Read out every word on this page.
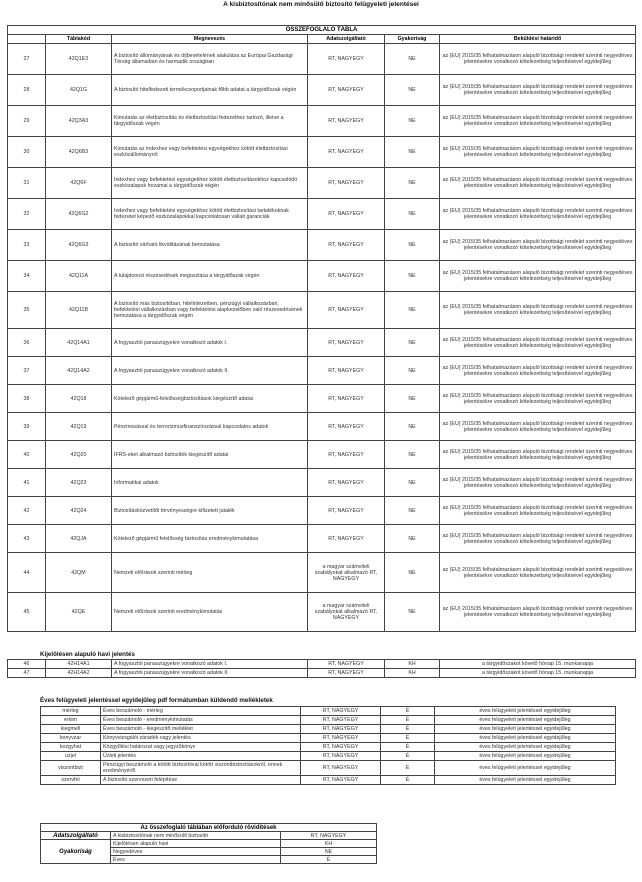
A kisbiztosítónak nem minősülő biztosító felügyeleti jelentései
ÖSSZEFOGLALÓ TÁBLA					
	Táblakód	Megnevezés	Adatszolgáltató	Gyakoriság	Beküldési határidő
27	42Q1E3	A biztosító állományának és díjbevételének alakulása az Európai Gazdasági Térség államaiban és harmadik országban	RT, NAGYEGY	NE	az (EU) 2015/35 felhatalmazáson alapuló bizottsági rendelet szerinti negyedéves jelentésekre vonatkozó kötelezettség teljesítésével egyidejűleg
28	42Q1G	A biztosító hitelfedezeti termékcsoportjainak főbb adatai a tárgyidőszak végén	RT, NAGYEGY	NE	az (EU) 2015/35 felhatalmazáson alapuló bizottsági rendelet szerinti negyedéves jelentésekre vonatkozó kötelezettség teljesítésével egyidejűleg
29	42Q3A3	Kimutatás az életbiztosítás és életbiztosítási fedezethez tartozó, illetve a tárgyidőszak végén	RT, NAGYEGY	NE	az (EU) 2015/35 felhatalmazáson alapuló bizottsági rendelet szerinti negyedéves jelentésekre vonatkozó kötelezettség teljesítésével egyidejűleg
30	42Q6B3	Kimutatás az indexhez vagy befektetési egységekhez kötött életbiztosítási eszközállományról	RT, NAGYEGY	NE	az (EU) 2015/35 felhatalmazáson alapuló bizottsági rendelet szerinti negyedéves jelentésekre vonatkozó kötelezettség teljesítésével egyidejűleg
31	42Q6F	Indexhez vagy befektetési egységekhez kötött életbiztosításokhoz kapcsolódó eszközalapok hozamai a tárgyidőszak végén	RT, NAGYEGY	NE	az (EU) 2015/35 felhatalmazáson alapuló bizottsági rendelet szerinti negyedéves jelentésekre vonatkozó kötelezettség teljesítésével egyidejűleg
32	42Q6G2	Indexhez vagy befektetési egységekhez kötött életbiztosítási tartalékoknak fedezetet képező eszközalapokkal kapcsolatosan vállalt garanciák	RT, NAGYEGY	NE	az (EU) 2015/35 felhatalmazáson alapuló bizottsági rendelet szerinti negyedéves jelentésekre vonatkozó kötelezettség teljesítésével egyidejűleg
33	42Q6G3	A biztosító várható likviditásának bemutatása	RT, NAGYEGY	NE	az (EU) 2015/35 felhatalmazáson alapuló bizottsági rendelet szerinti negyedéves jelentésekre vonatkozó kötelezettség teljesítésével egyidejűleg
34	42Q11A	A tulajdonosi részesedések megoszlása a tárgyidőszak végén	RT, NAGYEGY	NE	az (EU) 2015/35 felhatalmazáson alapuló bizottsági rendelet szerinti negyedéves jelentésekre vonatkozó kötelezettség teljesítésével egyidejűleg
35	42Q11B	A biztosító más biztosítóban, hitelintézetben, pénzügyi vállalkozásban, befektetési vállalkozásban vagy befektetési alapkezelőben való részesedésének bemutatása a tárgyidőszak végén	RT, NAGYEGY	NE	az (EU) 2015/35 felhatalmazáson alapuló bizottsági rendelet szerinti negyedéves jelentésekre vonatkozó kötelezettség teljesítésével egyidejűleg
36	42Q14A1	A fogyasztói panaszügyekre vonatkozó adatok I.	RT, NAGYEGY	NE	az (EU) 2015/35 felhatalmazáson alapuló bizottsági rendelet szerinti negyedéves jelentésekre vonatkozó kötelezettség teljesítésével egyidejűleg
37	42Q14A2	A fogyasztói panaszügyekre vonatkozó adatok II.	RT, NAGYEGY	NE	az (EU) 2015/35 felhatalmazáson alapuló bizottsági rendelet szerinti negyedéves jelentésekre vonatkozó kötelezettség teljesítésével egyidejűleg
38	42Q18	Kötelező gépjármű-felelősségbiztosítások kiegészítő adatai	RT, NAGYEGY	NE	az (EU) 2015/35 felhatalmazáson alapuló bizottsági rendelet szerinti negyedéves jelentésekre vonatkozó kötelezettség teljesítésével egyidejűleg
39	42Q19	Pénzmosással és terrorizmusfinanszírozással kapcsolatos adatok	RT, NAGYEGY	NE	az (EU) 2015/35 felhatalmazáson alapuló bizottsági rendelet szerinti negyedéves jelentésekre vonatkozó kötelezettség teljesítésével egyidejűleg
40	42Q20	IFRS-eket alkalmazó biztosítók kiegészítő adatai	RT, NAGYEGY	NE	az (EU) 2015/35 felhatalmazáson alapuló bizottsági rendelet szerinti negyedéves jelentésekre vonatkozó kötelezettség teljesítésével egyidejűleg
41	42Q23	Informatikai adatok	RT, NAGYEGY	NE	az (EU) 2015/35 felhatalmazáson alapuló bizottsági rendelet szerinti negyedéves jelentésekre vonatkozó kötelezettség teljesítésével egyidejűleg
42	42Q24	Biztosításközvetítői törvényességre kifizetett jutalék	RT, NAGYEGY	NE	az (EU) 2015/35 felhatalmazáson alapuló bizottsági rendelet szerinti negyedéves jelentésekre vonatkozó kötelezettség teljesítésével egyidejűleg
43	42QJA	Kötelező gépjármű felelősség biztosítás eredménykimutatása	RT, NAGYEGY	NE	az (EU) 2015/35 felhatalmazáson alapuló bizottsági rendelet szerinti negyedéves jelentésekre vonatkozó kötelezettség teljesítésével egyidejűleg
44	42QM	Nemzeti előírások szerinti mérleg	a magyar számviteli szabályokat alkalmazó RT, NAGYEGY	NE	az (EU) 2015/35 felhatalmazáson alapuló bizottsági rendelet szerinti negyedéves jelentésekre vonatkozó kötelezettség teljesítésével egyidejűleg
45	42QE	Nemzeti előírások szerinti eredménykimutatás	a magyar számviteli szabályokat alkalmazó RT, NAGYEGY	NE	az (EU) 2015/35 felhatalmazáson alapuló bizottsági rendelet szerinti negyedéves jelentésekre vonatkozó kötelezettség teljesítésével egyidejűleg
Kijelölésen alapuló havi jelentés
46	42H14A1	A fogyasztói panaszügyekre vonatkozó adatok I.	RT, NAGYEGY	KH	a tárgyidőszakot követő hónap 15. munkanapja
47	42H14A2	A fogyasztói panaszügyekre vonatkozó adatok II.	RT, NAGYEGY	KH	a tárgyidőszakot követő hónap 15. munkanapja
Éves felügyeleti jelentéssel egyidejűleg pdf formátumban küldendő mellékletek
mérleg	Éves beszámoló - mérleg	RT, NAGYEGY	É	éves felügyeleti jelentéssel egyidejűleg
erkim	Éves beszámoló - eredménykimutatás	RT, NAGYEGY	É	éves felügyeleti jelentéssel egyidejűleg
kiegmell	Éves beszámoló - kiegészítő melléklet	RT, NAGYEGY	É	éves felügyeleti jelentéssel egyidejűleg
konyvzar	Könyvvizsgálói záradék vagy jelentés	RT, NAGYEGY	É	éves felügyeleti jelentéssel egyidejűleg
kozgyhat	Közgyűlési határozat vagy jegyzőkönyv	RT, NAGYEGY	É	éves felügyeleti jelentéssel egyidejűleg
uzjel	Üzleti jelentés	RT, NAGYEGY	É	éves felügyeleti jelentéssel egyidejűleg
viszontbizt	Pénzügyi beszámoló a kötött biztosítóval kötött viszontbiztosításokról, ennek eredményéről	RT, NAGYEGY	É	éves felügyeleti jelentéssel egyidejűleg
szervfel	A biztosító szervezeti felépítése	RT, NAGYEGY	É	éves felügyeleti jelentéssel egyidejűleg
Az összefoglaló táblában előforduló rövidítések		
Adatszolgáltató	A kisbiztosítónak nem minősülő biztosító	RT, NAGYEGY
Gyakoriság	Kijelölésen alapuló havi	KH
	Negyedéves	NE
	Éves	É
